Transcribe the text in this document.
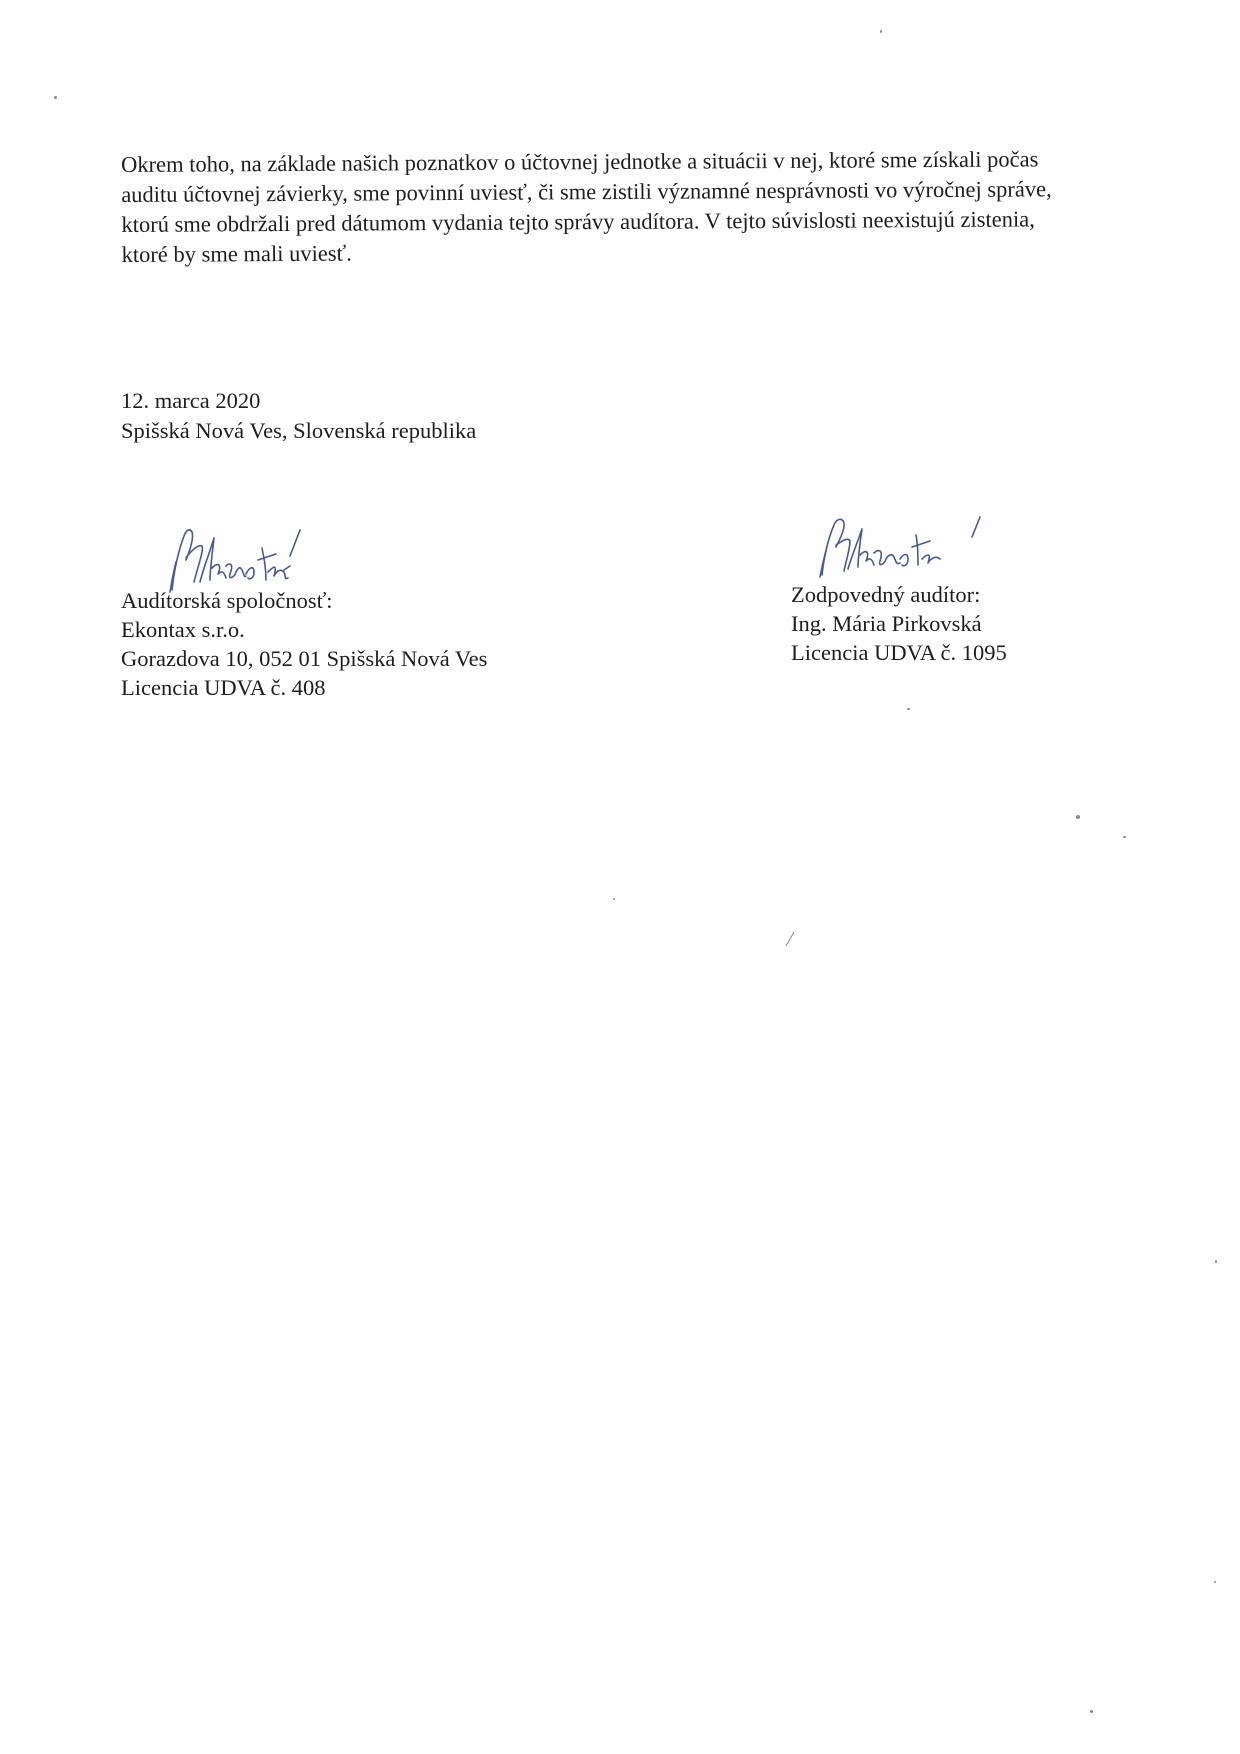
Okrem toho, na základe našich poznatkov o účtovnej jednotke a situácii v nej, ktoré sme získali počas
auditu účtovnej závierky, sme povinní uviesť, či sme zistili významné nesprávnosti vo výročnej správe,
ktorú sme obdržali pred dátumom vydania tejto správy audítora. V tejto súvislosti neexistujú zistenia,
ktoré by sme mali uviesť.
12. marca 2020
Spišská Nová Ves, Slovenská republika
Audítorská spoločnosť:
Ekontax s.r.o.
Gorazdova 10, 052 01 Spišská Nová Ves
Licencia UDVA č. 408
Zodpovedný audítor:
Ing. Mária Pirkovská
Licencia UDVA č. 1095
